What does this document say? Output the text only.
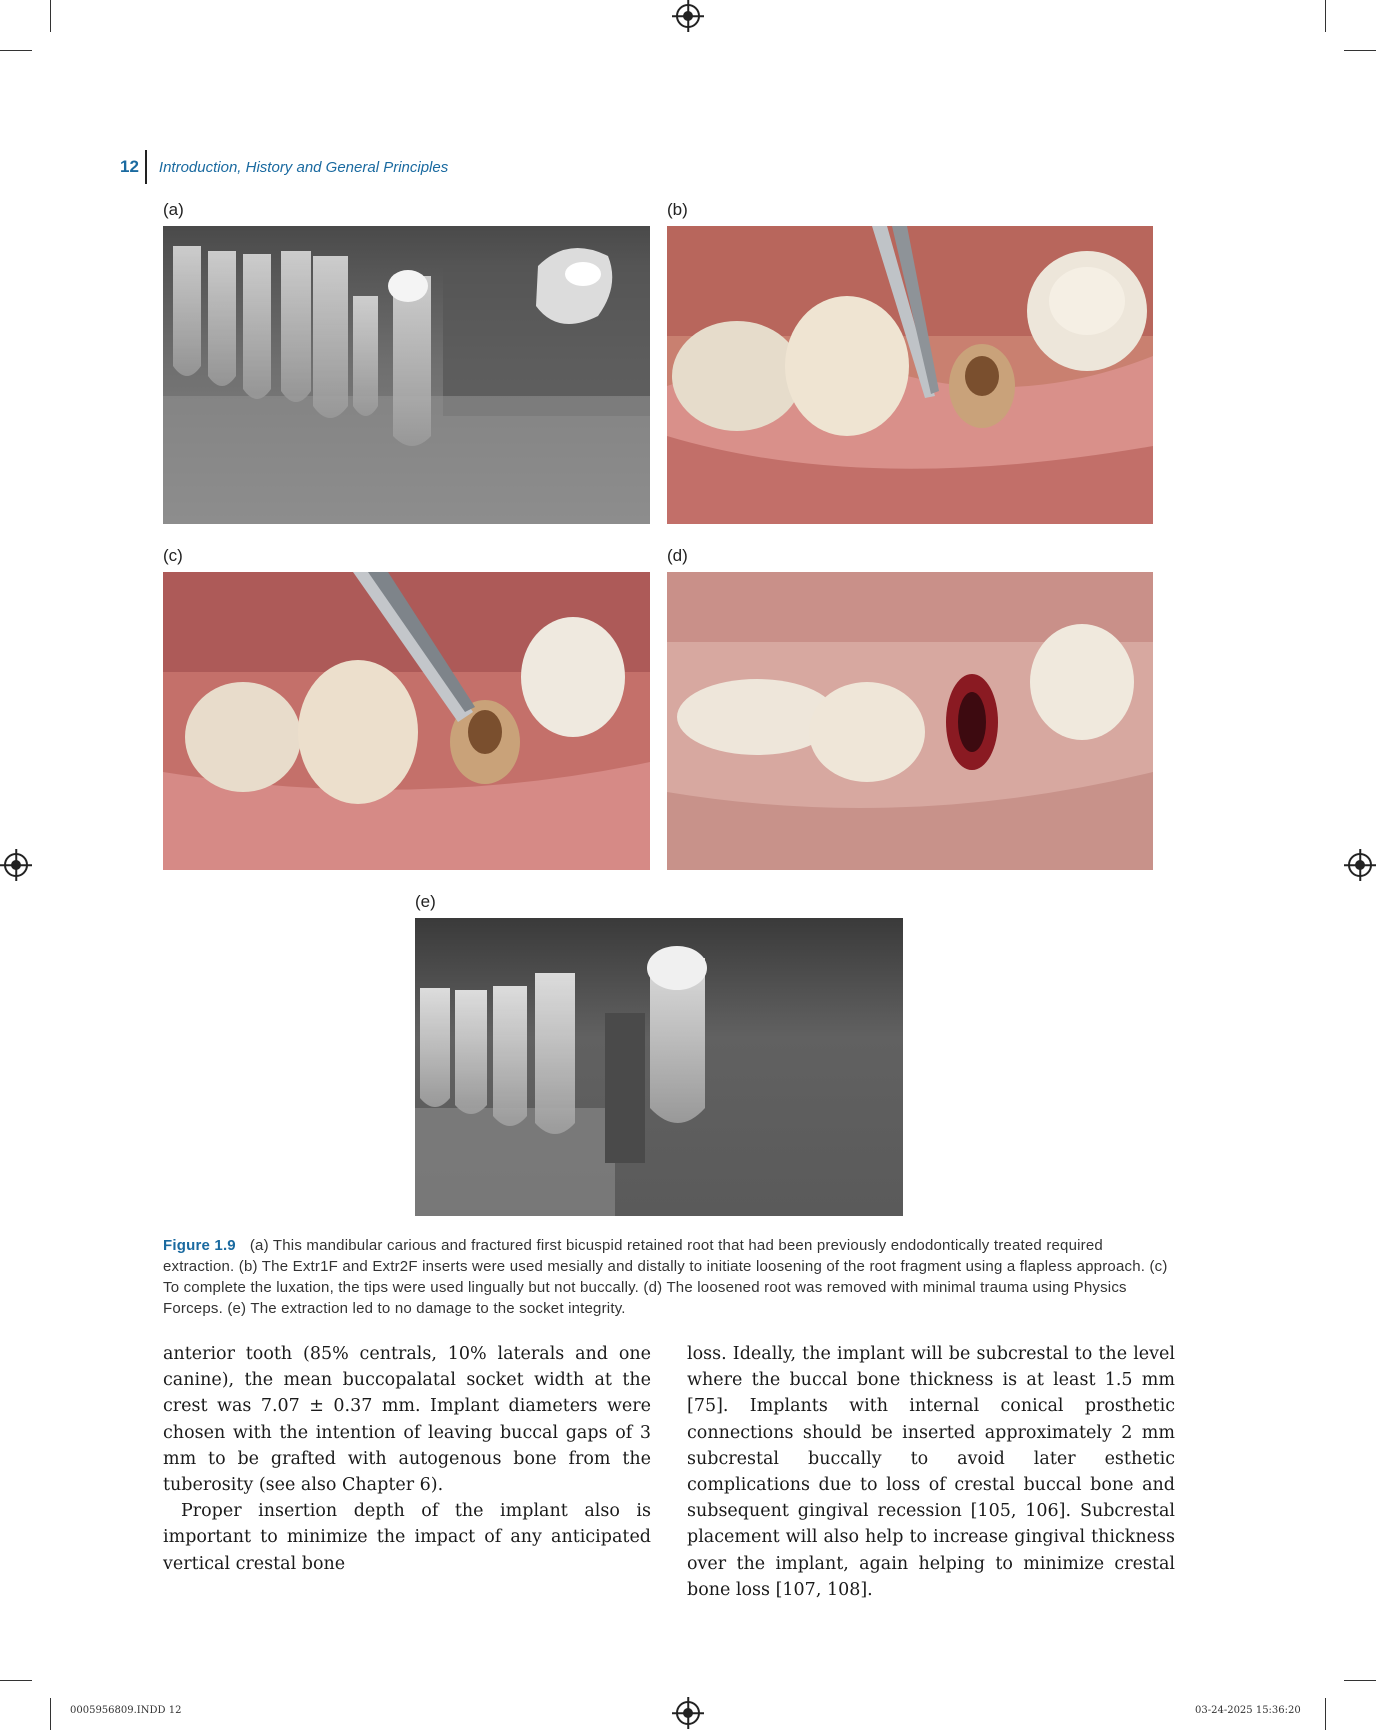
12 Introduction, History and General Principles
(a)	(b)
(c)	(d)
(e)
Figure 1.9 (a) This mandibular carious and fractured first bicuspid retained root that had been previously endodontically treated required extraction. (b) The Extr1F and Extr2F inserts were used mesially and distally to initiate loosening of the root fragment using a flapless approach. (c) To complete the luxation, the tips were used lingually but not buccally. (d) The loosened root was removed with minimal trauma using Physics Forceps. (e) The extraction led to no damage to the socket integrity.

anterior tooth (85% centrals, 10% laterals and one canine), the mean buccopalatal socket width at the crest was 7.07 ± 0.37 mm. Implant diameters were chosen with the intention of leaving buccal gaps of 3 mm to be grafted with autogenous bone from the tuberosity (see also Chapter 6).

Proper insertion depth of the implant also is important to minimize the impact of any anticipated vertical crestal bone

loss. Ideally, the implant will be subcrestal to the level where the buccal bone thickness is at least 1.5 mm [75]. Implants with internal conical prosthetic connections should be inserted approximately 2 mm subcrestal buccally to avoid later esthetic complications due to loss of crestal buccal bone and subsequent gingival recession [105, 106]. Subcrestal placement will also help to increase gingival thickness over the implant, again helping to minimize crestal bone loss [107, 108].

0005956809.INDD 12	03-24-2025 15:36:20
